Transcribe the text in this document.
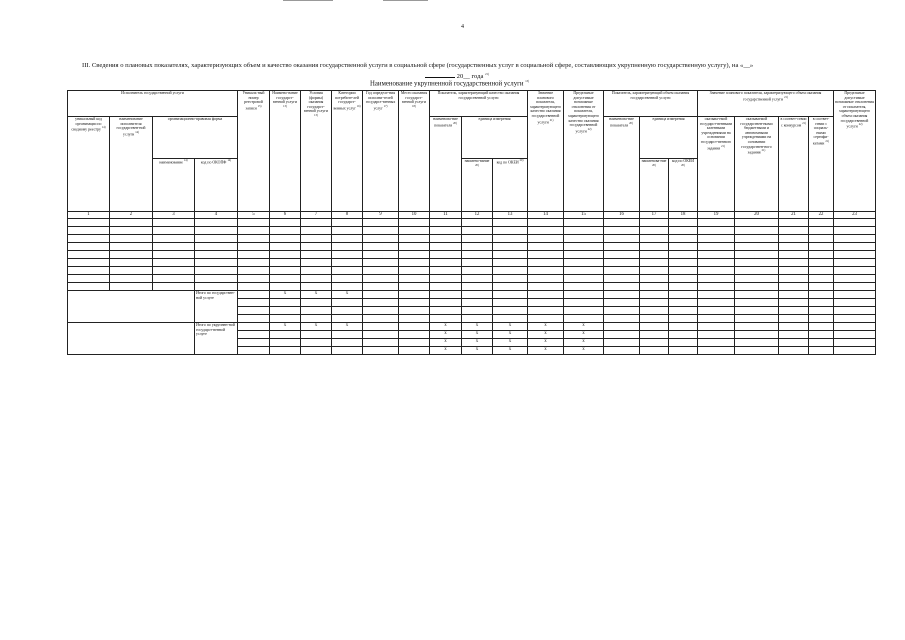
4
III. Сведения о плановых показателях, характеризующих объем и качество оказания государственной услуги в социальной сфере (государственных услуг в социальной сфере, составляющих укрупненную государственную услугу), на «__»
20__ года $^{21)}$
Наименование укрупненной государственной услуги $^{13)}$
Исполнитель государственной услуги				Уникаль-ный номер реестровой записи $^{15)}$	Наимено-вание государст-венной услуги $^{13)}$	Условия (формы) оказания государст-венной услуги $^{13)}$	Категории потребите-лей государст-венных услуг $^{16)}$	Год определе-ния исполни-телей государст-венных услуг $^{17)}$	Место оказания государст-венной услуги $^{18)}$	Показатель, характеризующий качество оказания государственной услуги			Значение планового показателя, характеризующего качество оказания государственной услуги $^{21)}$	Предельные допустимые возможные отклонения от показателя, характеризующего качество оказания государственной услуги $^{22)}$	Показатель, характеризующий объем оказания государственной услуги			Значение планового показателя, характеризующего объем оказания государственной услуги $^{21)}$				Предельные допустимые возможные отклонения от показателя, характеризующего объем оказания государственной услуги $^{22)}$
уникальный код организации по сводному реестру $^{14)}$	наименование исполнителя государствен-ной услуги $^{14)}$	организационно-правовая форма								наименова-ние показателя $^{20)}$	единица измерения				наименова-ние показателя $^{20)}$	единица измерения		оказыва-емой государст-венными казенными учреждениями на основании государст-венного задания $^{21)}$	оказываемой государствен-ными бюджетными и автономными учреждениями на основании государствен-ного задания $^{21)}$	в соответ-ствии с конкурсом $^{21)}$	в соответ-ствии с социаль-ными сертифи-катами $^{21)}$
		наименование $^{14)}$	код по ОКОПФ $^{14)}$								наимено-вание $^{20)}$	код по ОКЕИ $^{20)}$				наименова-ние $^{20)}$	код по ОКЕИ $^{20)}$
1	2	3	4	5	6	7	8	9	10	11	12	13	14	15	16	17	18	19	20	21	22	23

			Итого по государствен-ной услуге		x	x	x															

			Итого по укрупнен-ной государст-венной услуге		x	x	x			x	x	x	x	x								
										x	x	x	x	x								
										x	x	x	x	x								
										x	x	x	x	x								
